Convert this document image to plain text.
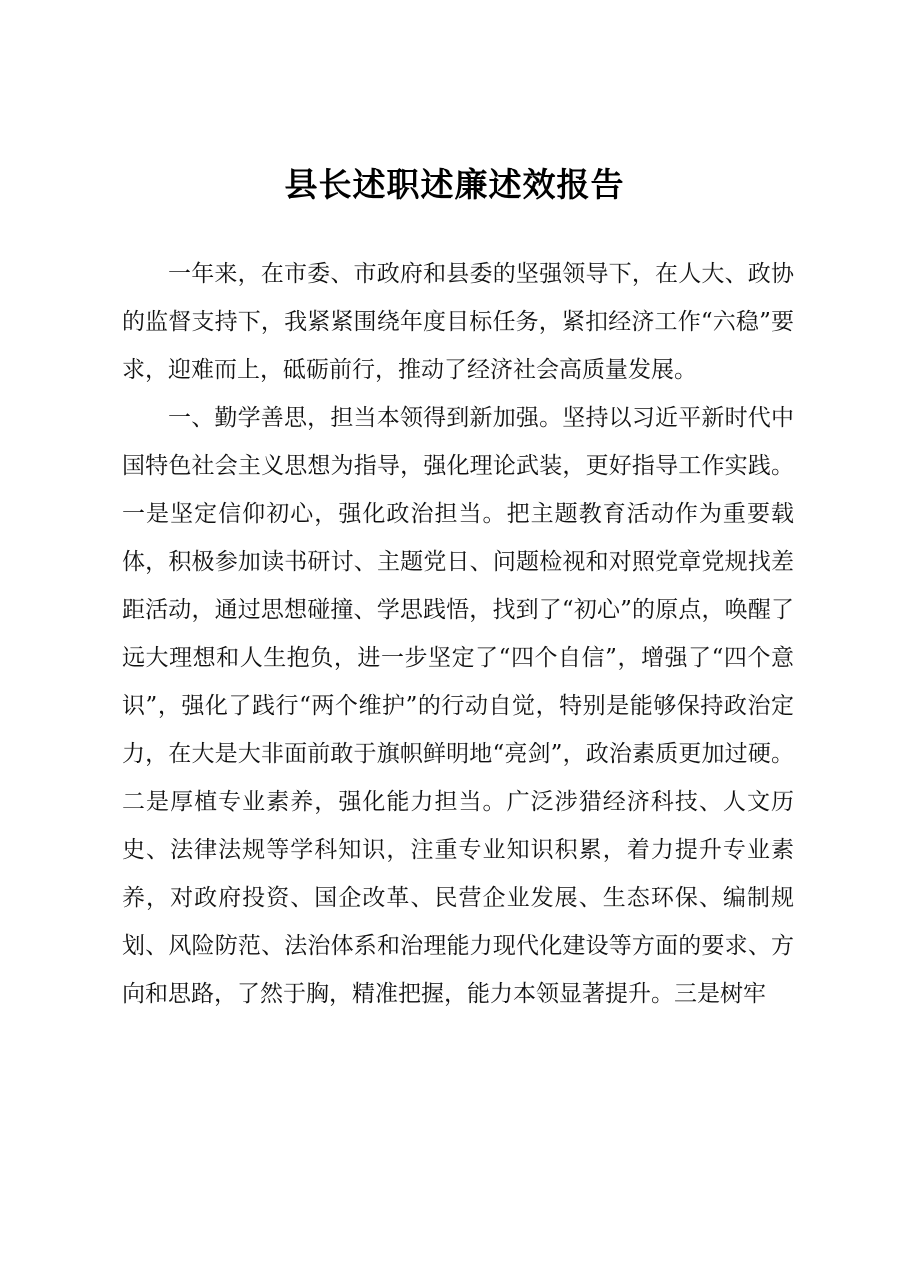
县长述职述廉述效报告

一年来，在市委、市政府和县委的坚强领导下，在人大、政协的监督支持下，我紧紧围绕年度目标任务，紧扣经济工作“六稳”要求，迎难而上，砥砺前行，推动了经济社会高质量发展。

一、勤学善思，担当本领得到新加强。坚持以习近平新时代中国特色社会主义思想为指导，强化理论武装，更好指导工作实践。一是坚定信仰初心，强化政治担当。把主题教育活动作为重要载体，积极参加读书研讨、主题党日、问题检视和对照党章党规找差距活动，通过思想碰撞、学思践悟，找到了“初心”的原点，唤醒了远大理想和人生抱负，进一步坚定了“四个自信”，增强了“四个意识”，强化了践行“两个维护”的行动自觉，特别是能够保持政治定力，在大是大非面前敢于旗帜鲜明地“亮剑”，政治素质更加过硬。二是厚植专业素养，强化能力担当。广泛涉猎经济科技、人文历史、法律法规等学科知识，注重专业知识积累，着力提升专业素养，对政府投资、国企改革、民营企业发展、生态环保、编制规划、风险防范、法治体系和治理能力现代化建设等方面的要求、方向和思路，了然于胸，精准把握，能力本领显著提升。三是树牢
